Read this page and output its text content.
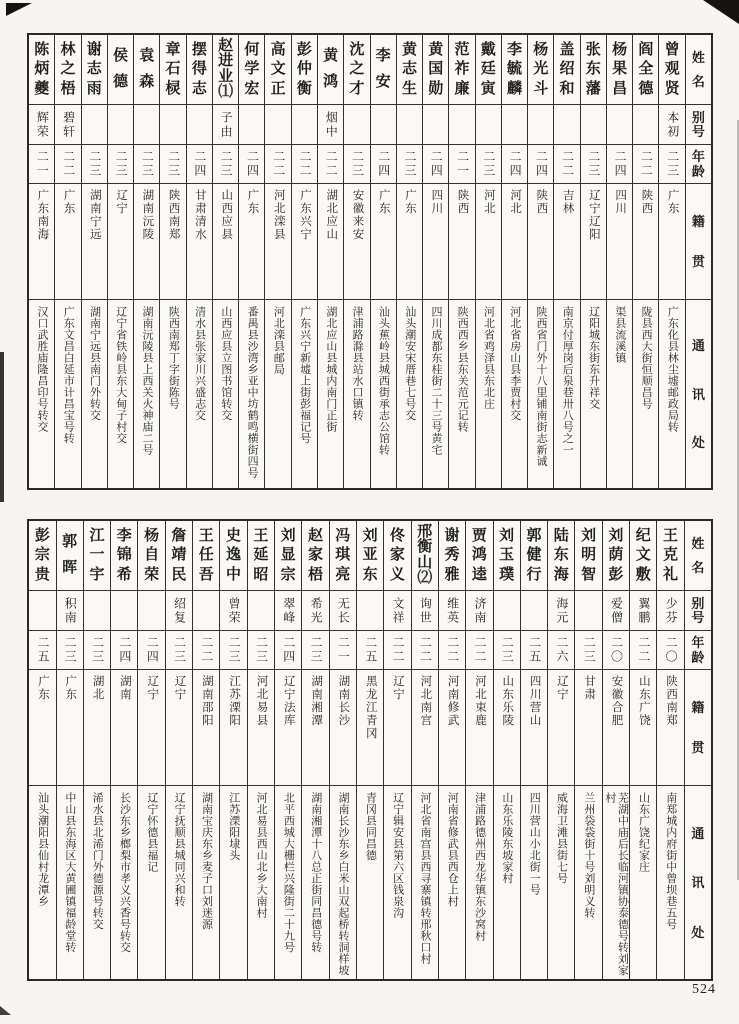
姓
名
别
号
年
龄
籍
贯
通
讯
处
曾
观
贤
本初
二三
广东
广东化县林尘墟邮政局转
阎
全
德
二二
陕西
陇县西大街恒顺昌号
杨
果
昌
二四
四川
渠县流溪镇
张
东
藩
二三
辽宁辽阳
辽阳城东街东升祥交
盖
绍
和
二二
吉林
南京付厚岗后泉巷卅八号之一
杨
光
斗
二四
陕西
陕西省门外十八里铺南街志新诚
李
毓
麟
二四
河北
河北省房山县李贾村交
戴
廷
寅
二三
河北
河北省鸡泽县东北庄
范
祚
廉
二一
陕西
陕西西乡县东关范元记转
黄
国
勋
二四
四川
四川成都东桂街二十三号黄宅
黄
志
生
二三
广东
汕头潮安宋厝巷七号交
李
安
二四
广东
汕头蕉岭县城西街承志公馆转
沈
之
才
二三
安徽来安
津浦路滁县站水口镇转
黄
鸿
烟中
二二
湖北应山
湖北应山县城内南门正街
彭
仲
衡
二二
广东兴宁
广东兴宁新墟上街彭福记号
高
文
正
二二
河北滦县
河北滦县邮局
何
学
宏
二四
广东
番禺县沙湾乡亚中坊鹤鸣横街四号
赵
进
业
⑴
子由
二三
山西应县
山西应县立图书馆转交
摆
得
志
二四
甘肃清水
清水县张家川兴盛志交
章
石
棂
二三
陕西南郑
陕西南郑丁字街陈号
袁
森
二三
湖南沅陵
湖南沅陵县上西关火神庙二号
侯
德
二三
辽宁
辽宁省铁岭县东大甸子村交
谢
志
雨
二三
湖南宁远
湖南宁远县南门外转交
林
之
梧
碧轩
二二
广东
广东文昌白延市计昌宝号转
陈
炳
夔
辉荣
二一
广东南海
汉口武胜庙隆昌印号转交
姓
名
别
号
年
龄
籍
贯
通
讯
处
王
克
礼
少芬
二〇
陕西南郑
南郑城内府街中曾坝巷五号
纪
文
敷
翼鹏
二二
山东广饶
山东广饶纪家庄
刘
荫
彭
爱僧
二〇
安徽合肥
芜湖中庙后长临河镇协泰德号转刘家村
刘
明
智
二三
甘肃
兰州袋袋街十号刘明义转
陆
东
海
海元
二六
辽宁
威海卫滩县街七号
郭
健
行
二五
四川营山
四川营山小北街一号
刘
玉
璞
二三
山东乐陵
山东乐陵东坡家村
贾
鸿
逵
济南
二二
河北束鹿
津浦路德州西龙华镇东沙窝村
谢
秀
雅
维英
二二
河南修武
河南省修武县西仓上村
邢
衡
山
⑵
询世
二二
河北南宫
河北省南宫县西寻寨镇转邢秋口村
佟
家
义
文祥
二二
辽宁
辽宁辑安县第六区钱泉沟
刘
亚
东
二五
黑龙江青冈
青冈县同昌德
冯
琪
亮
无长
二一
湖南长沙
湖南长沙东乡白米山双起桥转洞样坡
赵
家
梧
希光
二三
湖南湘潭
湖南湘潭十八总正街同昌德号转
刘
显
宗
翠峰
二四
辽宁法库
北平西城大栅栏兴隆街二十九号
王
延
昭
二三
河北易县
河北易县西山北乡大南村
史
逸
中
曾荣
二三
江苏溧阳
江苏溧阳埭头
王
任
吾
二二
湖南邵阳
湖南宝庆东乡麦子口刘迷源
詹
靖
民
绍复
二三
辽宁
辽宁抚顺县城同兴和转
杨
自
荣
二四
辽宁
辽宁怀德县福记
李
锦
希
二四
湖南
长沙东乡榔梨市孝义兴香号转交
江
一
宇
二三
湖北
浠水县北浠门外德源号转交
郭
晖
积南
二三
广东
中山县东海区大黄圃镇福龄堂转
彭
宗
贵
二五
广东
汕头潮阳县仙村龙潭乡
524
